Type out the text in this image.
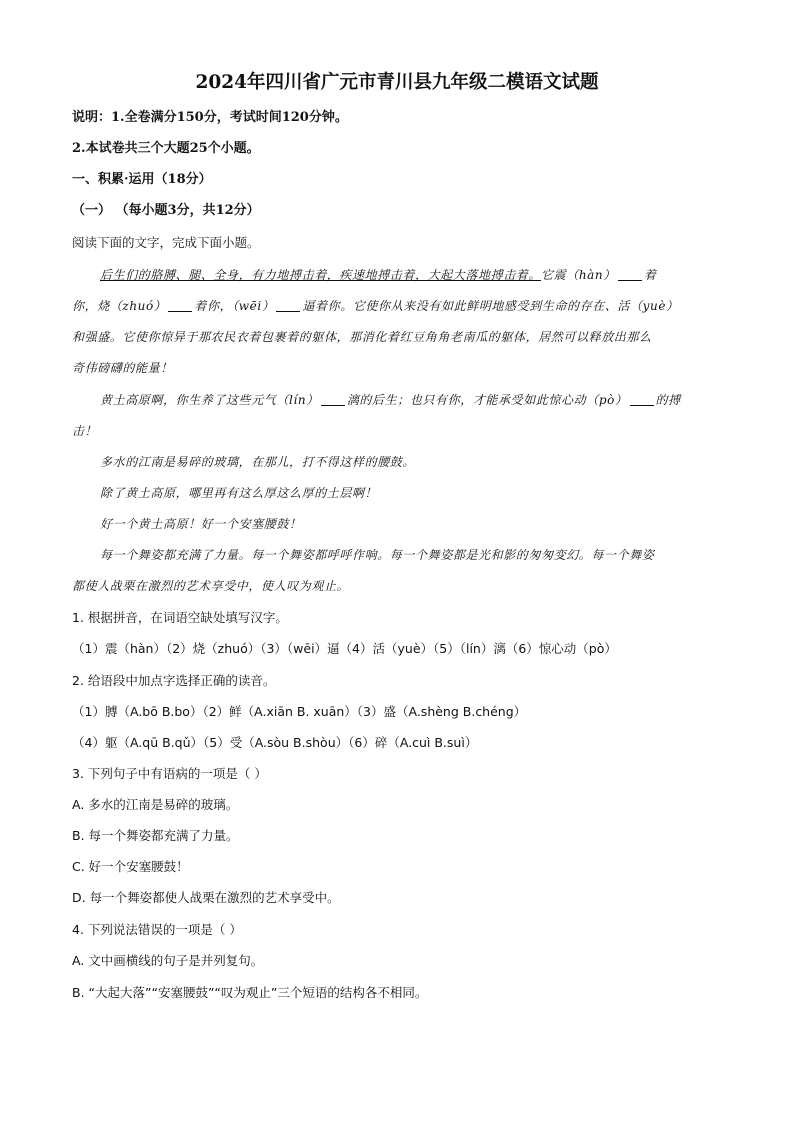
2024年四川省广元市青川县九年级二模语文试题
说明：1.全卷满分150分，考试时间120分钟。
2.本试卷共三个大题25个小题。
一、积累·运用（18分）
（一） （每小题3分，共12分）
阅读下面的文字，完成下面小题。
后生们的胳膊、腿、全身，有力地搏击着，疾速地搏击着，大起大落地搏击着。它震（hàn） 着
你，烧（zhuó） 着你，（wēi） 逼着你。它使你从来没有如此鲜明地感受到生命的存在、活（yuè）
和强盛。它使你惊异于那农民衣着包裹着的躯体，那消化着红豆角角老南瓜的躯体，居然可以释放出那么
奇伟磅礴的能量！
黄土高原啊，你生养了这些元气（lín） 漓的后生；也只有你，才能承受如此惊心动（pò） 的搏
击！
多水的江南是易碎的玻璃，在那儿，打不得这样的腰鼓。
除了黄土高原，哪里再有这么厚这么厚的土层啊！
好一个黄土高原！好一个安塞腰鼓！
每一个舞姿都充满了力量。每一个舞姿都呼呼作响。每一个舞姿都是光和影的匆匆变幻。每一个舞姿
都使人战栗在激烈的艺术享受中，使人叹为观止。
1. 根据拼音，在词语空缺处填写汉字。
（1）震（hàn）（2）烧（zhuó）（3）（wēi）逼（4）活（yuè）（5）（lín）漓（6）惊心动（pò）
2. 给语段中加点字选择正确的读音。
（1）膊（A.bō B.bo）（2）鲜（A.xiān B. xuān）（3）盛（A.shèng B.chéng）
（4）躯（A.qū B.qǔ）（5）受（A.sòu B.shòu）（6）碎（A.cuì B.suì）
3. 下列句子中有语病的一项是（ ）
A. 多水的江南是易碎的玻璃。
B. 每一个舞姿都充满了力量。
C. 好一个安塞腰鼓！
D. 每一个舞姿都使人战栗在激烈的艺术享受中。
4. 下列说法错误的一项是（ ）
A. 文中画横线的句子是并列复句。
B. “大起大落”“安塞腰鼓”“叹为观止”三个短语的结构各不相同。
